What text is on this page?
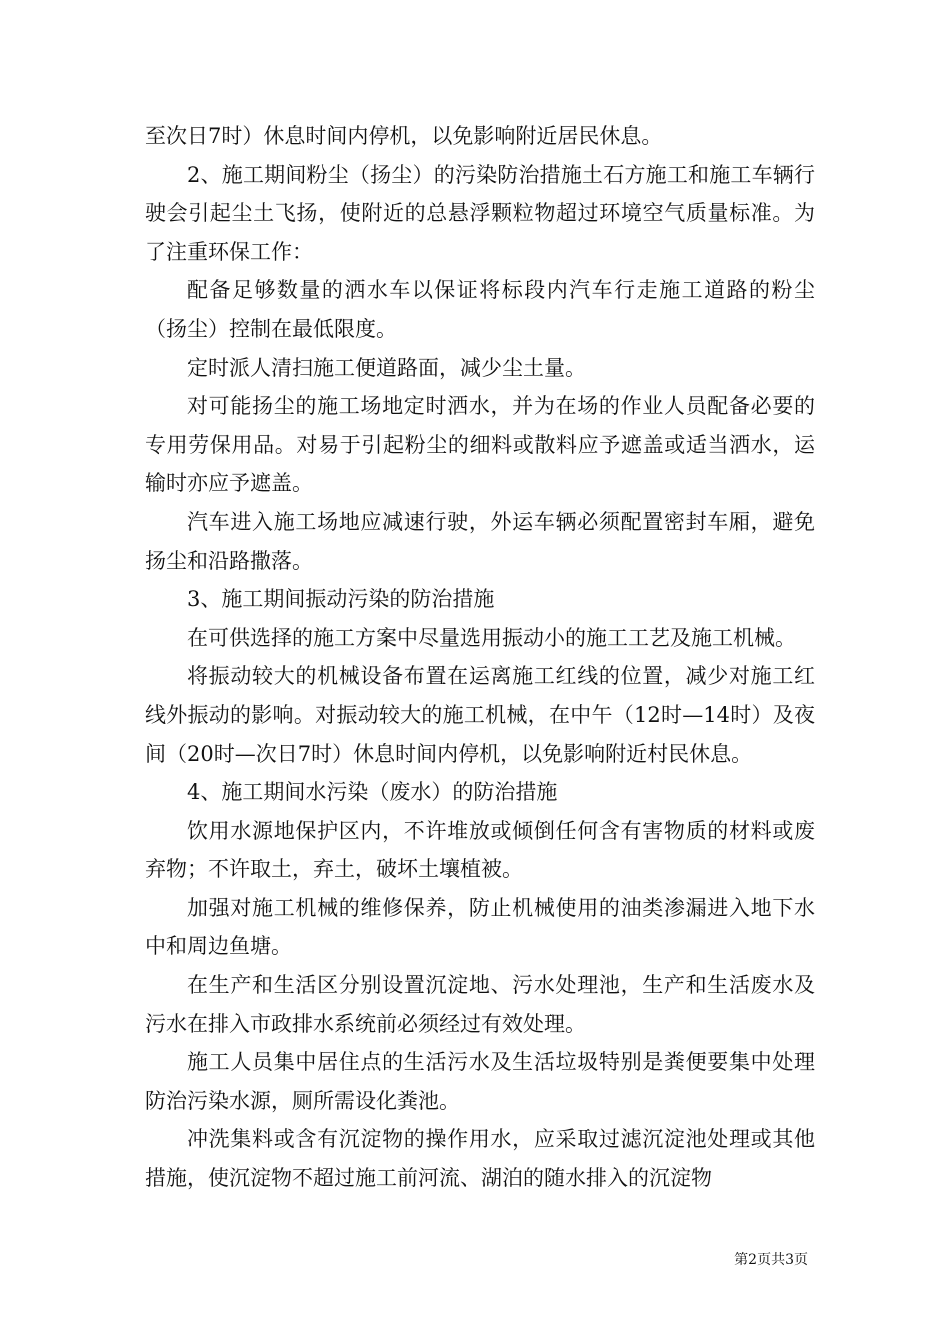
至次日7时）休息时间内停机，以免影响附近居民休息。

2、施工期间粉尘（扬尘）的污染防治措施土石方施工和施工车辆行驶会引起尘土飞扬，使附近的总悬浮颗粒物超过环境空气质量标准。为了注重环保工作：

配备足够数量的洒水车以保证将标段内汽车行走施工道路的粉尘（扬尘）控制在最低限度。

定时派人清扫施工便道路面，减少尘土量。

对可能扬尘的施工场地定时洒水，并为在场的作业人员配备必要的专用劳保用品。对易于引起粉尘的细料或散料应予遮盖或适当洒水，运输时亦应予遮盖。

汽车进入施工场地应减速行驶，外运车辆必须配置密封车厢，避免扬尘和沿路撒落。

3、施工期间振动污染的防治措施

在可供选择的施工方案中尽量选用振动小的施工工艺及施工机械。

将振动较大的机械设备布置在运离施工红线的位置，减少对施工红线外振动的影响。对振动较大的施工机械，在中午（12时—14时）及夜间（20时—次日7时）休息时间内停机，以免影响附近村民休息。

4、施工期间水污染（废水）的防治措施

饮用水源地保护区内，不许堆放或倾倒任何含有害物质的材料或废弃物；不许取土，弃土，破坏土壤植被。

加强对施工机械的维修保养，防止机械使用的油类渗漏进入地下水中和周边鱼塘。

在生产和生活区分别设置沉淀地、污水处理池，生产和生活废水及污水在排入市政排水系统前必须经过有效处理。

施工人员集中居住点的生活污水及生活垃圾特别是粪便要集中处理防治污染水源，厕所需设化粪池。

冲洗集料或含有沉淀物的操作用水，应采取过滤沉淀池处理或其他措施，使沉淀物不超过施工前河流、湖泊的随水排入的沉淀物

第2页共3页
